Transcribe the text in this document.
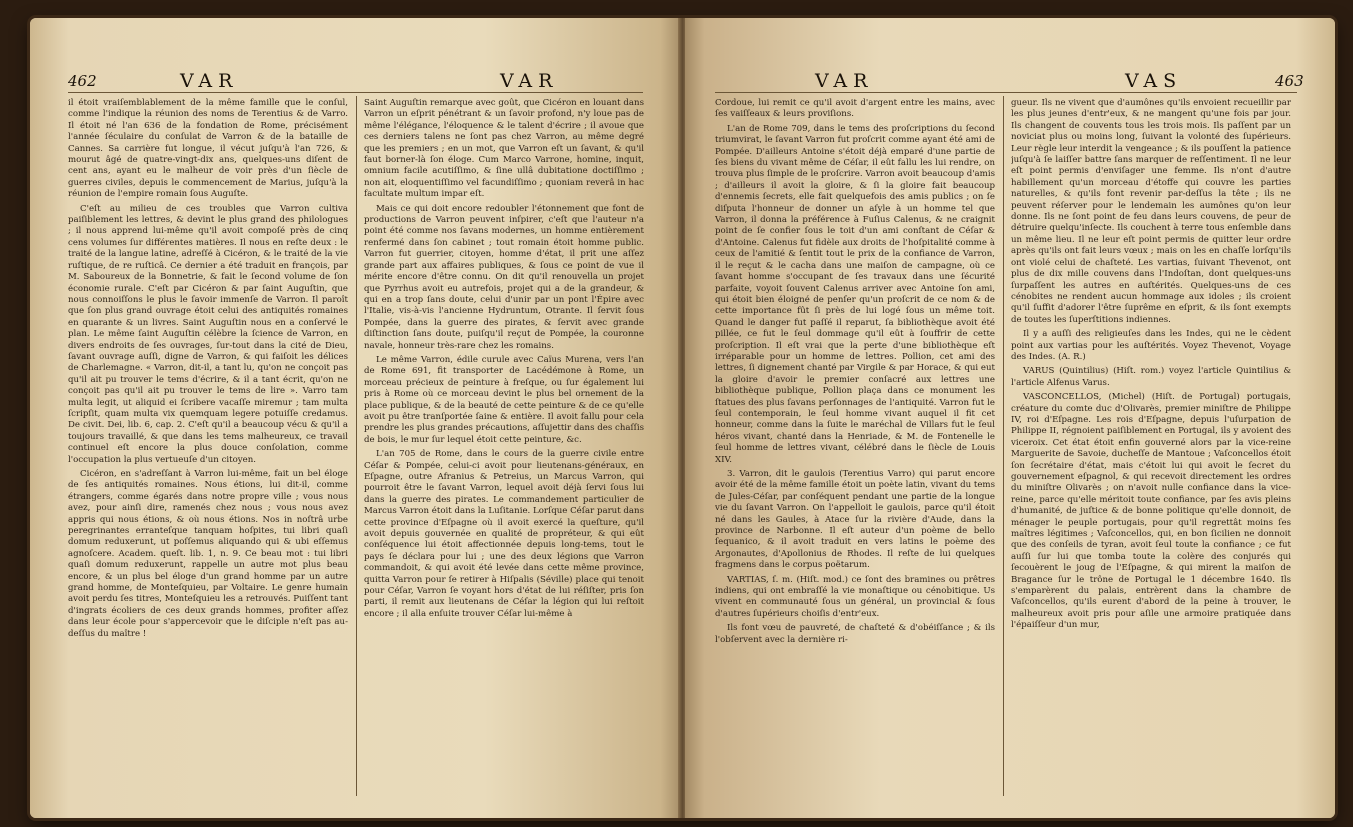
462	VAR	VAR

il étoit vraiſemblablement de la même famille que le conſul, comme l'indique la réunion des noms de Terentius & de Varro. Il étoit né l'an 636 de la fondation de Rome, précisément l'année ſéculaire du conſulat de Varron & de la bataille de Cannes. Sa carrière fut longue, il vécut juſqu'à l'an 726, & mourut âgé de quatre-vingt-dix ans, quelques-uns diſent de cent ans, ayant eu le malheur de voir près d'un ſiècle de guerres civiles, depuis le commencement de Marius, juſqu'à la réunion de l'empire romain ſous Auguſte.

C'eſt au milieu de ces troubles que Varron cultiva paiſiblement les lettres, & devint le plus grand des philologues ; il nous apprend lui-même qu'il avoit compoſé près de cinq cens volumes ſur différentes matières. Il nous en reſte deux : le traité de la langue latine, adreſſé à Cicéron, & le traité de la vie ruſtique, de re ruſticâ. Ce dernier a été traduit en françois, par M. Saboureux de la Bonnetrie, & fait le ſecond volume de ſon économie rurale. C'eſt par Cicéron & par ſaint Auguſtin, que nous connoiſſons le plus le ſavoir immenſe de Varron. Il paroît que ſon plus grand ouvrage étoit celui des antiquités romaines en quarante & un livres. Saint Auguſtin nous en a conſervé le plan. Le même ſaint Auguſtin célèbre la ſcience de Varron, en divers endroits de ſes ouvrages, ſur-tout dans la cité de Dieu, ſavant ouvrage auſſi, digne de Varron, & qui faiſoit les délices de Charlemagne. « Varron, dit-il, a tant lu, qu'on ne conçoit pas qu'il ait pu trouver le tems d'écrire, & il a tant écrit, qu'on ne conçoit pas qu'il ait pu trouver le tems de lire ». Varro tam multa legit, ut aliquid ei ſcribere vacaſſe miremur ; tam multa ſcripſit, quam multa vix quemquam legere potuiſſe credamus. De civit. Dei, lib. 6, cap. 2. C'eſt qu'il a beaucoup vécu & qu'il a toujours travaillé, & que dans les tems malheureux, ce travail continuel eſt encore la plus douce conſolation, comme l'occupation la plus vertueuſe d'un citoyen.

Cicéron, en s'adreſſant à Varron lui-même, fait un bel éloge de ſes antiquités romaines. Nous étions, lui dit-il, comme étrangers, comme égarés dans notre propre ville ; vous nous avez, pour ainſi dire, ramenés chez nous ; vous nous avez appris qui nous étions, & où nous étions. Nos in noſtrâ urbe peregrinantes erranteſque tanquam hoſpites, tui libri quaſi domum reduxerunt, ut poſſemus aliquando qui & ubi eſſemus agnoſcere. Academ. queſt. lib. 1, n. 9. Ce beau mot : tui libri quaſi domum reduxerunt, rappelle un autre mot plus beau encore, & un plus bel éloge d'un grand homme par un autre grand homme, de Monteſquieu, par Voltaire. Le genre humain avoit perdu ſes titres, Monteſquieu les a retrouvés. Puiſſent tant d'ingrats écoliers de ces deux grands hommes, profiter aſſez dans leur école pour s'appercevoir que le diſciple n'eſt pas au-deſſus du maître !

Saint Auguſtin remarque avec goût, que Cicéron en louant dans Varron un eſprit pénétrant & un ſavoir profond, n'y loue pas de même l'élégance, l'éloquence & le talent d'écrire ; il avoue que ces derniers talens ne ſont pas chez Varron, au même degré que les premiers ; en un mot, que Varron eſt un ſavant, & qu'il faut borner-là ſon éloge. Cum Marco Varrone, homine, inquit, omnium facile acutiſſimo, & ſine ullâ dubitatione doctiſſimo ; non ait, eloquentiſſimo vel facundiſſimo ; quoniam reverâ in hac facultate multum impar eſt.

Mais ce qui doit encore redoubler l'étonnement que font de productions de Varron peuvent inſpirer, c'eſt que l'auteur n'a point été comme nos ſavans modernes, un homme entièrement renfermé dans ſon cabinet ; tout romain étoit homme public. Varron fut guerrier, citoyen, homme d'état, il prit une aſſez grande part aux affaires publiques, & ſous ce point de vue il mérite encore d'être connu. On dit qu'il renouvella un projet que Pyrrhus avoit eu autrefois, projet qui a de la grandeur, & qui en a trop ſans doute, celui d'unir par un pont l'Épire avec l'Italie, vis-à-vis l'ancienne Hydruntum, Otrante. Il ſervit ſous Pompée, dans la guerre des pirates, & ſervit avec grande diſtinction ſans doute, puiſqu'il reçut de Pompée, la couronne navale, honneur très-rare chez les romains.

Le même Varron, édile curule avec Caïus Murena, vers l'an de Rome 691, fit transporter de Lacédémone à Rome, un morceau précieux de peinture à freſque, ou ſur également lui pris à Rome où ce morceau devint le plus bel ornement de la place publique, & de la beauté de cette peinture & de ce qu'elle avoit pu être tranſportée ſaine & entière. Il avoit fallu pour cela prendre les plus grandes précautions, aſſujettir dans des chaſſis de bois, le mur ſur lequel étoit cette peinture, &c.

L'an 705 de Rome, dans le cours de la guerre civile entre Céſar & Pompée, celui-ci avoit pour lieutenans-généraux, en Eſpagne, outre Afranius & Petreius, un Marcus Varron, qui pourroit être le ſavant Varron, lequel avoit déjà ſervi ſous lui dans la guerre des pirates. Le commandement particulier de Marcus Varron étoit dans la Luſitanie. Lorſque Céſar parut dans cette province d'Eſpagne où il avoit exercé la queſture, qu'il avoit depuis gouvernée en qualité de propréteur, & qui eût conſéquence lui étoit affectionnée depuis long-tems, tout le pays ſe déclara pour lui ; une des deux légions que Varron commandoit, & qui avoit été levée dans cette même province, quitta Varron pour ſe retirer à Hiſpalis (Séville) place qui tenoit pour Céſar, Varron ſe voyant hors d'état de lui réſiſter, pris ſon parti, il remit aux lieutenans de Céſar la légion qui lui reſtoit encore ; il alla enſuite trouver Céſar lui-même à

VAR	VAS	463

Cordoue, lui remit ce qu'il avoit d'argent entre les mains, avec ſes vaiſſeaux & leurs proviſions.

L'an de Rome 709, dans le tems des proſcriptions du ſecond triumvirat, le ſavant Varron fut proſcrit comme ayant été ami de Pompée. D'ailleurs Antoine s'étoit déjà emparé d'une partie de ſes biens du vivant même de Céſar, il eût fallu les lui rendre, on trouva plus ſimple de le proſcrire. Varron avoit beaucoup d'amis ; d'ailleurs il avoit la gloire, & ſi la gloire fait beaucoup d'ennemis ſecrets, elle fait quelquefois des amis publics ; on ſe diſputa l'honneur de donner un aſyle à un homme tel que Varron, il donna la préférence à Fuſius Calenus, & ne craignit point de ſe confier ſous le toit d'un ami conſtant de Céſar & d'Antoine. Calenus fut fidèle aux droits de l'hoſpitalité comme à ceux de l'amitié & ſentit tout le prix de la confiance de Varron, il le reçut & le cacha dans une maiſon de campagne, où ce ſavant homme s'occupant de ſes travaux dans une ſécurité parfaite, voyoit ſouvent Calenus arriver avec Antoine ſon ami, qui étoit bien éloigné de penſer qu'un proſcrit de ce nom & de cette importance fût ſi près de lui logé ſous un même toit. Quand le danger fut paſſé il reparut, ſa bibliothèque avoit été pillée, ce fut le ſeul dommage qu'il eût à ſouffrir de cette proſcription. Il eſt vrai que la perte d'une bibliothèque eſt irréparable pour un homme de lettres. Pollion, cet ami des lettres, ſi dignement chanté par Virgile & par Horace, & qui eut la gloire d'avoir le premier conſacré aux lettres une bibliothèque publique, Pollion plaça dans ce monument les ſtatues des plus ſavans perſonnages de l'antiquité. Varron fut le ſeul contemporain, le ſeul homme vivant auquel il fit cet honneur, comme dans la ſuite le maréchal de Villars fut le ſeul héros vivant, chanté dans la Henriade, & M. de Fontenelle le ſeul homme de lettres vivant, célébré dans le ſiècle de Louis XIV.

3. Varron, dit le gaulois (Terentius Varro) qui parut encore avoir été de la même famille étoit un poète latin, vivant du tems de Jules-Céſar, par conſéquent pendant une partie de la longue vie du ſavant Varron. On l'appelloit le gaulois, parce qu'il étoit né dans les Gaules, à Atace ſur la rivière d'Aude, dans la province de Narbonne. Il eſt auteur d'un poème de bello ſequanico, & il avoit traduit en vers latins le poème des Argonautes, d'Apollonius de Rhodes. Il reſte de lui quelques fragmens dans le corpus poëtarum.

VARTIAS, ſ. m. (Hiſt. mod.) ce ſont des bramines ou prêtres indiens, qui ont embraſſé la vie monaſtique ou cénobitique. Us vivent en communauté ſous un général, un provincial & ſous d'autres ſupérieurs choiſis d'entr'eux.

Ils font vœu de pauvreté, de chaſteté & d'obéiſſance ; & ils l'obſervent avec la dernière ri-

gueur. Ils ne vivent que d'aumônes qu'ils envoient recueillir par les plus jeunes d'entr'eux, & ne mangent qu'une fois par jour. Ils changent de couvents tous les trois mois. Ils paſſent par un noviciat plus ou moins long, ſuivant la volonté des ſupérieurs. Leur règle leur interdit la vengeance ; & ils pouſſent la patience juſqu'à ſe laiſſer battre ſans marquer de reſſentiment. Il ne leur eſt point permis d'enviſager une femme. Ils n'ont d'autre habillement qu'un morceau d'étoffe qui couvre les parties naturelles, & qu'ils font revenir par-deſſus la tête ; ils ne peuvent réſerver pour le lendemain les aumônes qu'on leur donne. Ils ne ſont point de feu dans leurs couvens, de peur de détruire quelqu'inſecte. Ils couchent à terre tous enſemble dans un même lieu. Il ne leur eſt point permis de quitter leur ordre après qu'ils ont fait leurs vœux ; mais on les en chaſſe lorſqu'ils ont violé celui de chaſteté. Les vartias, ſuivant Thevenot, ont plus de dix mille couvens dans l'Indoſtan, dont quelques-uns ſurpaſſent les autres en auſtérités. Quelques-uns de ces cénobites ne rendent aucun hommage aux idoles ; ils croient qu'il ſuffit d'adorer l'être ſuprême en eſprit, & ils ſont exempts de toutes les ſuperſtitions indiennes.

Il y a auſſi des religieuſes dans les Indes, qui ne le cèdent point aux vartias pour les auſtérités. Voyez Thevenot, Voyage des Indes. (A. R.)

VARUS (Quintilius) (Hiſt. rom.) voyez l'article Quintilius & l'article Alfenus Varus.

VASCONCELLOS, (Michel) (Hiſt. de Portugal) portugais, créature du comte duc d'Olivarès, premier miniſtre de Philippe IV, roi d'Eſpagne. Les rois d'Eſpagne, depuis l'uſurpation de Philippe II, régnoient paiſiblement en Portugal, ils y avoient des viceroix. Cet état étoit enfin gouverné alors par la vice-reine Marguerite de Savoie, ducheſſe de Mantoue ; Vaſconcellos étoit ſon ſecrétaire d'état, mais c'étoit lui qui avoit le ſecret du gouvernement eſpagnol, & qui recevoit directement les ordres du miniſtre Olivarès ; on n'avoit nulle confiance dans la vice-reine, parce qu'elle méritoit toute confiance, par ſes avis pleins d'humanité, de juſtice & de bonne politique qu'elle donnoit, de ménager le peuple portugais, pour qu'il regrettât moins ſes maîtres légitimes ; Vaſconcellos, qui, en bon ſicilien ne donnoit que des conſeils de tyran, avoit ſeul toute la confiance ; ce fut auſſi ſur lui que tomba toute la colère des conjurés qui ſecouèrent le joug de l'Eſpagne, & qui mirent la maiſon de Bragance ſur le trône de Portugal le 1 décembre 1640. Ils s'emparèrent du palais, entrèrent dans la chambre de Vaſconcellos, qu'ils eurent d'abord de la peine à trouver, le malheureux avoit pris pour aſile une armoire pratiquée dans l'épaiſſeur d'un mur,
